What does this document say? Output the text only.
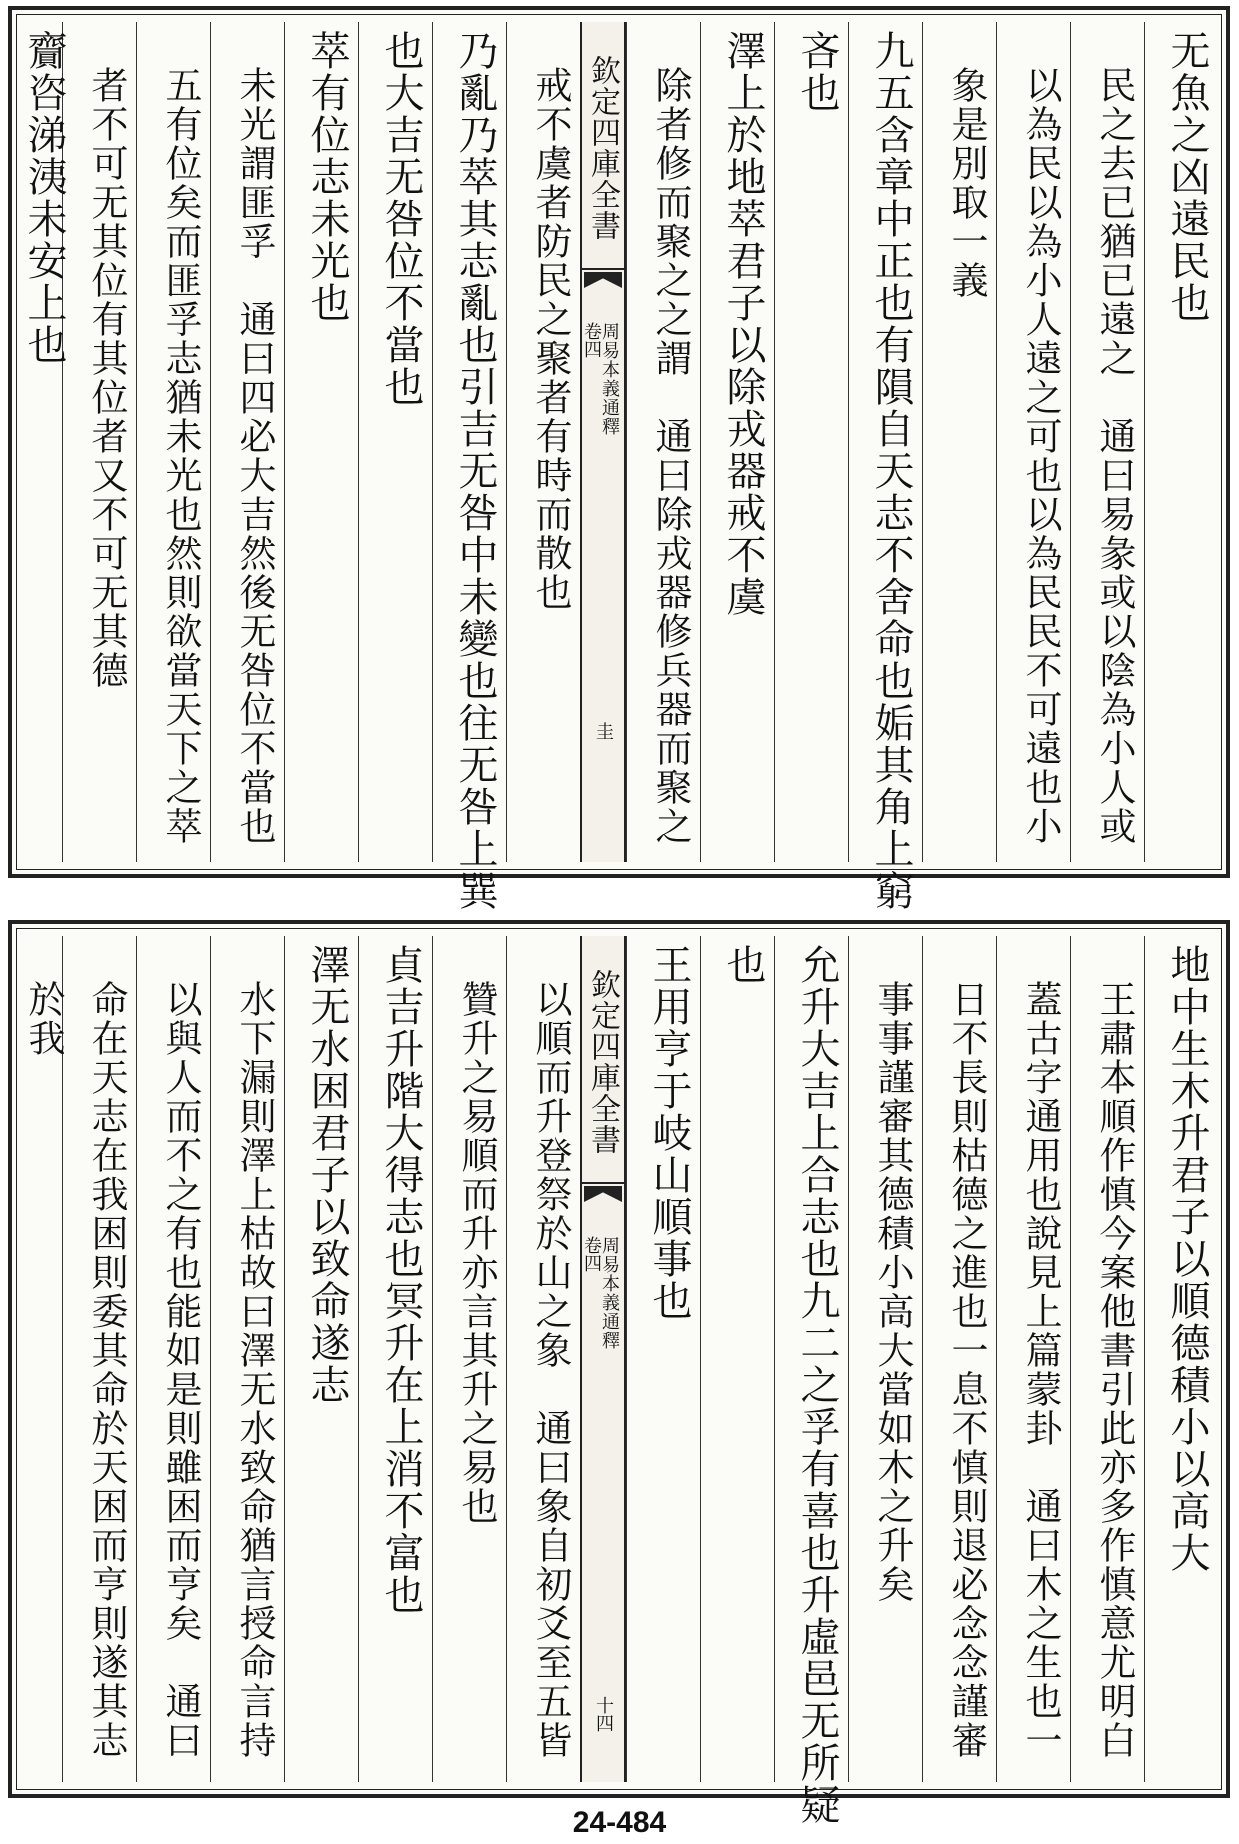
无魚之凶遠民也
民之去已猶已遠之　通曰易彖或以陰為小人或
以為民以為小人遠之可也以為民民不可遠也小
象是別取一義
九五含章中正也有隕自天志不舍命也姤其角上窮
吝也
澤上於地萃君子以除戎器戒不虞
除者修而聚之之謂　通曰除戎器修兵器而聚之
欽定四庫全書
周易本義通釋
卷四
圭
戒不虞者防民之聚者有時而散也
乃亂乃萃其志亂也引吉无咎中未變也往无咎上巽
也大吉无咎位不當也
萃有位志未光也
未光謂匪孚　通曰四必大吉然後无咎位不當也
五有位矣而匪孚志猶未光也然則欲當天下之萃
者不可无其位有其位者又不可无其德
齎咨涕洟未安上也
地中生木升君子以順德積小以高大
王肅本順作慎今案他書引此亦多作慎意尤明白
蓋古字通用也說見上篇蒙卦　通曰木之生也一
日不長則枯德之進也一息不慎則退必念念謹審
事事謹審其德積小高大當如木之升矣
允升大吉上合志也九二之孚有喜也升虛邑无所疑
也
王用亨于岐山順事也
欽定四庫全書
周易本義通釋
卷四
十四
以順而升登祭於山之象　通曰象自初爻至五皆
贊升之易順而升亦言其升之易也
貞吉升階大得志也冥升在上消不富也
澤无水困君子以致命遂志
水下漏則澤上枯故曰澤无水致命猶言授命言持
以與人而不之有也能如是則雖困而亨矣　通曰
命在天志在我困則委其命於天困而亨則遂其志
於我
24-484
